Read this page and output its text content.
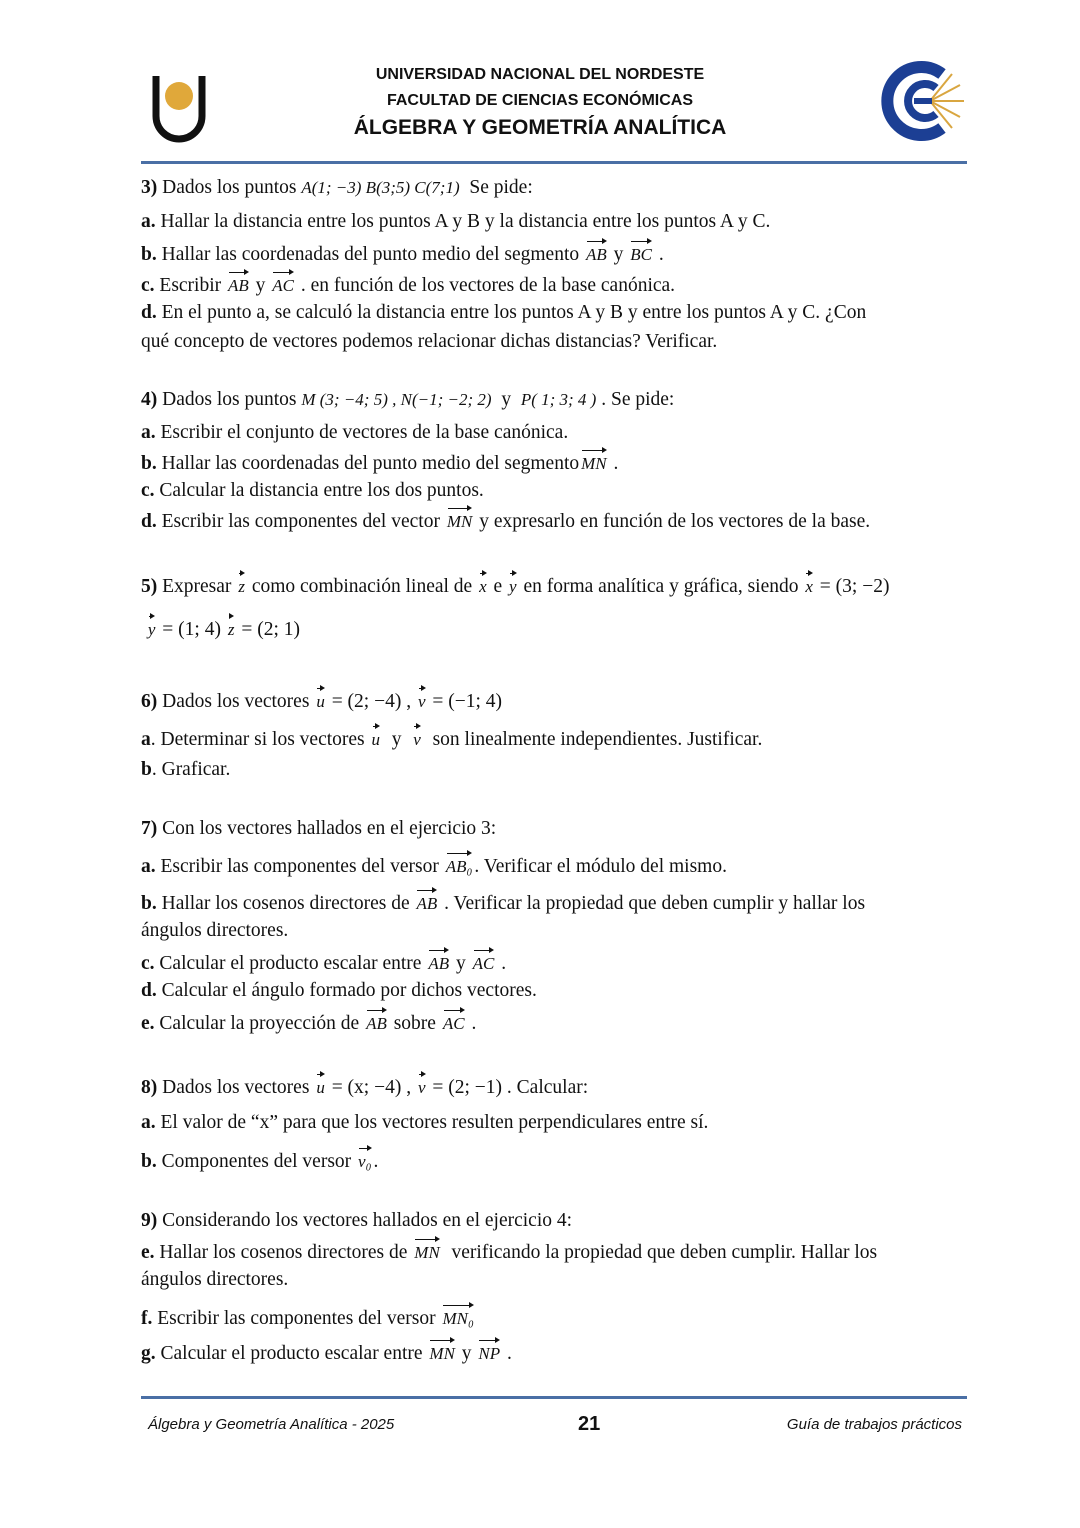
UNIVERSIDAD NACIONAL DEL NORDESTE
FACULTAD DE CIENCIAS ECONÓMICAS
ÁLGEBRA Y GEOMETRÍA ANALÍTICA
3) Dados los puntos A(1; −3) B(3;5) C(7;1)  Se pide:
a. Hallar la distancia entre los puntos A y B y la distancia entre los puntos A y C.
b. Hallar las coordenadas del punto medio del segmento AB y BC .
c. Escribir AB y AC . en función de los vectores de la base canónica.
d. En el punto a, se calculó la distancia entre los puntos A y B y entre los puntos A y C. ¿Con
qué concepto de vectores podemos relacionar dichas distancias? Verificar.
4) Dados los puntos M (3; −4; 5) , N(−1; −2; 2)  y  P( 1; 3; 4 ) . Se pide:
a. Escribir el conjunto de vectores de la base canónica.
b. Hallar las coordenadas del punto medio del segmento MN .
c. Calcular la distancia entre los dos puntos.
d. Escribir las componentes del vector MN y expresarlo en función de los vectores de la base.
5) Expresar z como combinación lineal de x e y en forma analítica y gráfica, siendo x = (3; −2)
y = (1; 4) z = (2; 1)
6) Dados los vectores u = (2; −4) , v = (−1; 4)
a. Determinar si los vectores u  y  v  son linealmente independientes. Justificar.
b. Graficar.
7) Con los vectores hallados en el ejercicio 3:
a. Escribir las componentes del versor AB₀ . Verificar el módulo del mismo.
b. Hallar los cosenos directores de AB . Verificar la propiedad que deben cumplir y hallar los
ángulos directores.
c. Calcular el producto escalar entre AB y AC .
d. Calcular el ángulo formado por dichos vectores.
e. Calcular la proyección de AB sobre AC .
8) Dados los vectores u = (x; −4) , v = (2; −1) . Calcular:
a. El valor de “x” para que los vectores resulten perpendiculares entre sí.
b. Componentes del versor v₀ .
9) Considerando los vectores hallados en el ejercicio 4:
e. Hallar los cosenos directores de MN  verificando la propiedad que deben cumplir. Hallar los
ángulos directores.
f. Escribir las componentes del versor MN₀
g. Calcular el producto escalar entre MN y NP .
Álgebra y Geometría Analítica - 2025	21	Guía de trabajos prácticos
